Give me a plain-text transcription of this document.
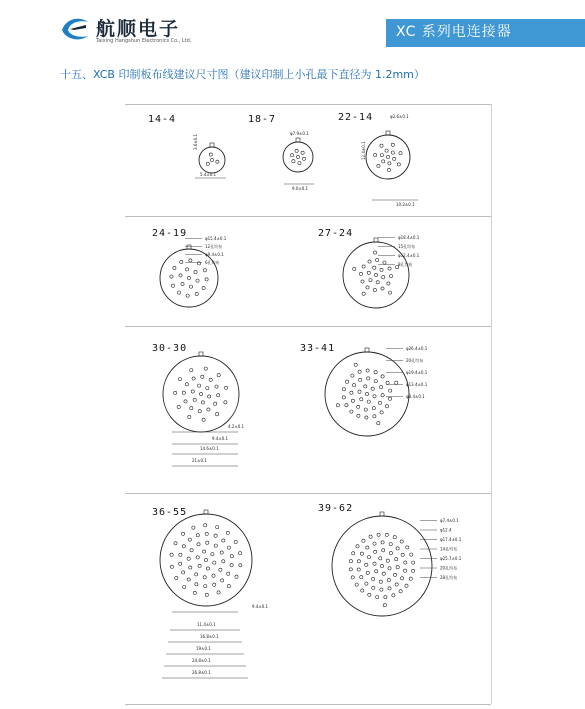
航顺电子
Taixing Hangshun Electronics Co., Ltd.
XC 系列电连接器
十五、XCB 印制板布线建议尺寸图（建议印制上小孔最下直径为 1.2mm）
14-4	18-7	22-14
24-19	27-24
30-30	33-41
36-55	39-62
5.4±0.1
3.6±0.1
φ7.9±0.1
9.0±0.1
φ2.6±0.1
10.2±0.1
12.4±0.1
φ15.4±0.1
12孔均布
φ9.4±0.1
6孔均布
φ18.4±0.1
15孔均布
φ12.4±0.1
8孔均布
4.2±0.1
9.4±0.1
14.6±0.1
21±0.1
φ26.4±0.1
20孔均布
φ19.4±0.1
φ13.4±0.1
φ8.4±0.1
9.4±0.1
11.4±0.1
16.8±0.1
19±0.1
24.8±0.1
26.8±0.1
φ7.4±0.1
φ12.4
φ17.4±0.1
14孔均布
φ25.7±0.1
20孔均布
28孔均布
